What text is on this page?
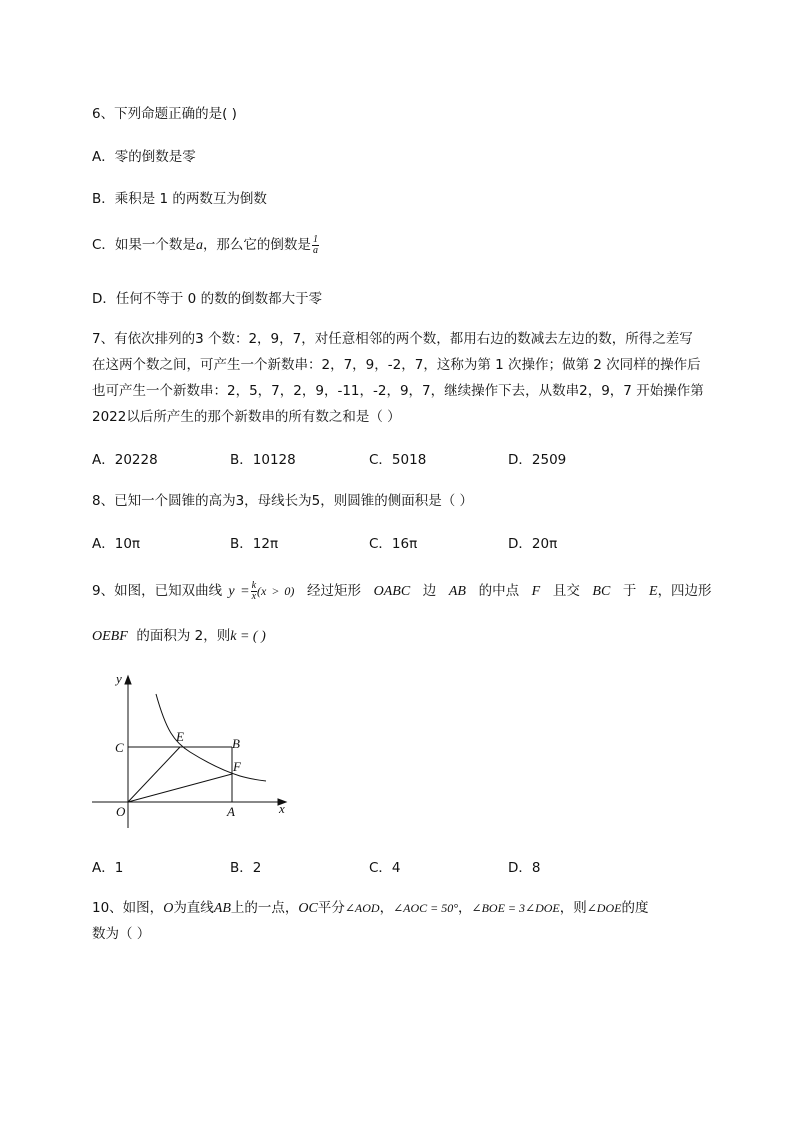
6、下列命题正确的是( )
A．零的倒数是零
B．乘积是 1 的两数互为倒数
C．如果一个数是a，那么它的倒数是 $\frac{1}{a}$
D．任何不等于 0 的数的倒数都大于零
7、有依次排列的3 个数：2，9，7，对任意相邻的两个数，都用右边的数减去左边的数，所得之差写
在这两个数之间，可产生一个新数串：2，7，9，-2，7，这称为第 1 次操作；做第 2 次同样的操作后
也可产生一个新数串：2，5，7，2，9，-11，-2，9，7，继续操作下去，从数串2，9，7 开始操作第
2022以后所产生的那个新数串的所有数之和是（ ）
A．20228	B．10128	C．5018	D．2509
8、已知一个圆锥的高为3，母线长为5，则圆锥的侧面积是（ ）
A．10π	B．12π	C．16π	D．20π
9、如图，已知双曲线 $y = \frac{k}{x} (x > 0)$ 经过矩形 OABC 边 AB 的中点 F 且交 BC 于 E，四边形
OEBF 的面积为 2，则k = ( )
y
x
O	A
B
C
E
F
A．1	B．2	C．4	D．8
10、如图，O为直线AB上的一点，OC平分∠AOD，∠AOC = 50°，∠BOE = 3∠DOE，则∠DOE的度
数为（ ）
